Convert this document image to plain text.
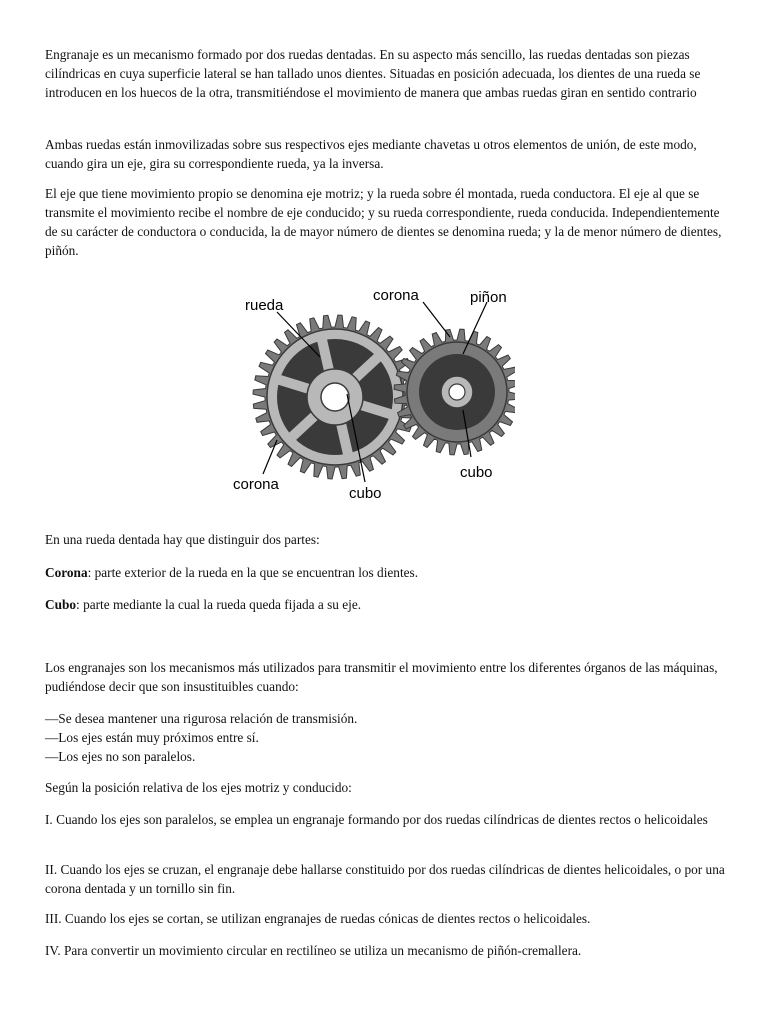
Engranaje es un mecanismo formado por dos ruedas dentadas. En su aspecto más sencillo, las ruedas dentadas son piezas cilíndricas en cuya superficie lateral se han tallado unos dientes. Situadas en posición adecuada, los dientes de una rueda se introducen en los huecos de la otra, transmitiéndose el movimiento de manera que ambas ruedas giran en sentido contrario

Ambas ruedas están inmovilizadas sobre sus respectivos ejes mediante chavetas u otros elementos de unión, de este modo, cuando gira un eje, gira su correspondiente rueda, ya la inversa.

El eje que tiene movimiento propio se denomina eje motriz; y la rueda sobre él montada, rueda conductora. El eje al que se transmite el movimiento recibe el nombre de eje conducido; y su rueda correspondiente, rueda conducida. Independientemente de su carácter de conductora o conducida, la de mayor número de dientes se denomina rueda; y la de menor número de dientes, piñón.

rueda
corona	piñon
corona
cubo
cubo

En una rueda dentada hay que distinguir dos partes:

Corona: parte exterior de la rueda en la que se encuentran los dientes.

Cubo: parte mediante la cual la rueda queda fijada a su eje.

Los engranajes son los mecanismos más utilizados para transmitir el movimiento entre los diferentes órganos de las máquinas, pudiéndose decir que son insustituibles cuando:

—Se desea mantener una rigurosa relación de transmisión.
—Los ejes están muy próximos entre sí.
—Los ejes no son paralelos.

Según la posición relativa de los ejes motriz y conducido:

I. Cuando los ejes son paralelos, se emplea un engranaje formando por dos ruedas cilíndricas de dientes rectos o helicoidales

II. Cuando los ejes se cruzan, el engranaje debe hallarse constituido por dos ruedas cilíndricas de dientes helicoidales, o por una corona dentada y un tornillo sin fin.

III. Cuando los ejes se cortan, se utilizan engranajes de ruedas cónicas de dientes rectos o helicoidales.

IV. Para convertir un movimiento circular en rectilíneo se utiliza un mecanismo de piñón-cremallera.
